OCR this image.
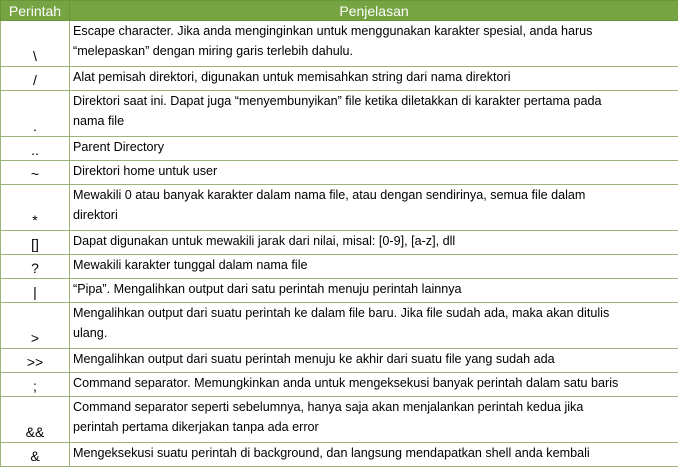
Perintah	Penjelasan
\	Escape character. Jika anda menginginkan untuk menggunakan karakter spesial, anda harus
“melepaskan” dengan miring garis terlebih dahulu.

/	Alat pemisah direktori, digunakan untuk memisahkan string dari nama direktori

.	Direktori saat ini. Dapat juga “menyembunyikan” file ketika diletakkan di karakter pertama pada
nama file

..	Parent Directory

~	Direktori home untuk user

*	Mewakili 0 atau banyak karakter dalam nama file, atau dengan sendirinya, semua file dalam
direktori

[]	Dapat digunakan untuk mewakili jarak dari nilai, misal: [0-9], [a-z], dll

?	Mewakili karakter tunggal dalam nama file

|	“Pipa”. Mengalihkan output dari satu perintah menuju perintah lainnya

>	Mengalihkan output dari suatu perintah ke dalam file baru. Jika file sudah ada, maka akan ditulis
ulang.

>>	Mengalihkan output dari suatu perintah menuju ke akhir dari suatu file yang sudah ada

;	Command separator. Memungkinkan anda untuk mengeksekusi banyak perintah dalam satu baris

&&	Command separator seperti sebelumnya, hanya saja akan menjalankan perintah kedua jika
perintah pertama dikerjakan tanpa ada error

&	Mengeksekusi suatu perintah di background, dan langsung mendapatkan shell anda kembali
